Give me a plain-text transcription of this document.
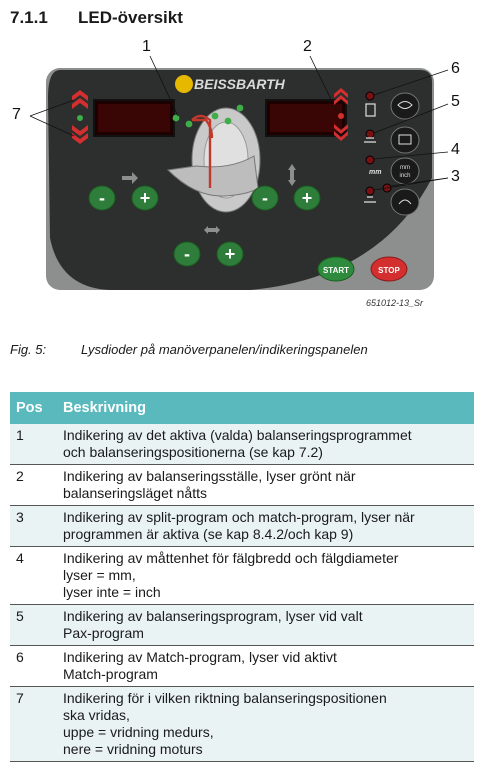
7.1.1 LED-översikt
BEISSBARTH
- +	- +
- +
START	STOP
mm
mm
inch
1	2
3
4
5
6
7
651012-13_Sr
Fig. 5:	Lysdioder på manöverpanelen/indikeringspanelen
Pos	Beskrivning
1	Indikering av det aktiva (valda) balanseringsprogrammet
och balanseringspositionerna (se kap 7.2)

2	Indikering av balanseringsställe, lyser grönt när
balanseringsläget nåtts

3	Indikering av split-program och match-program, lyser när
programmen är aktiva (se kap 8.4.2/och kap 9)

4	Indikering av måttenhet för fälgbredd och fälgdiameter
lyser = mm,
lyser inte = inch

5	Indikering av balanseringsprogram, lyser vid valt
Pax-program

6	Indikering av Match-program, lyser vid aktivt
Match-program

7	Indikering för i vilken riktning balanseringspositionen
ska vridas,
uppe = vridning medurs,
nere = vridning moturs
